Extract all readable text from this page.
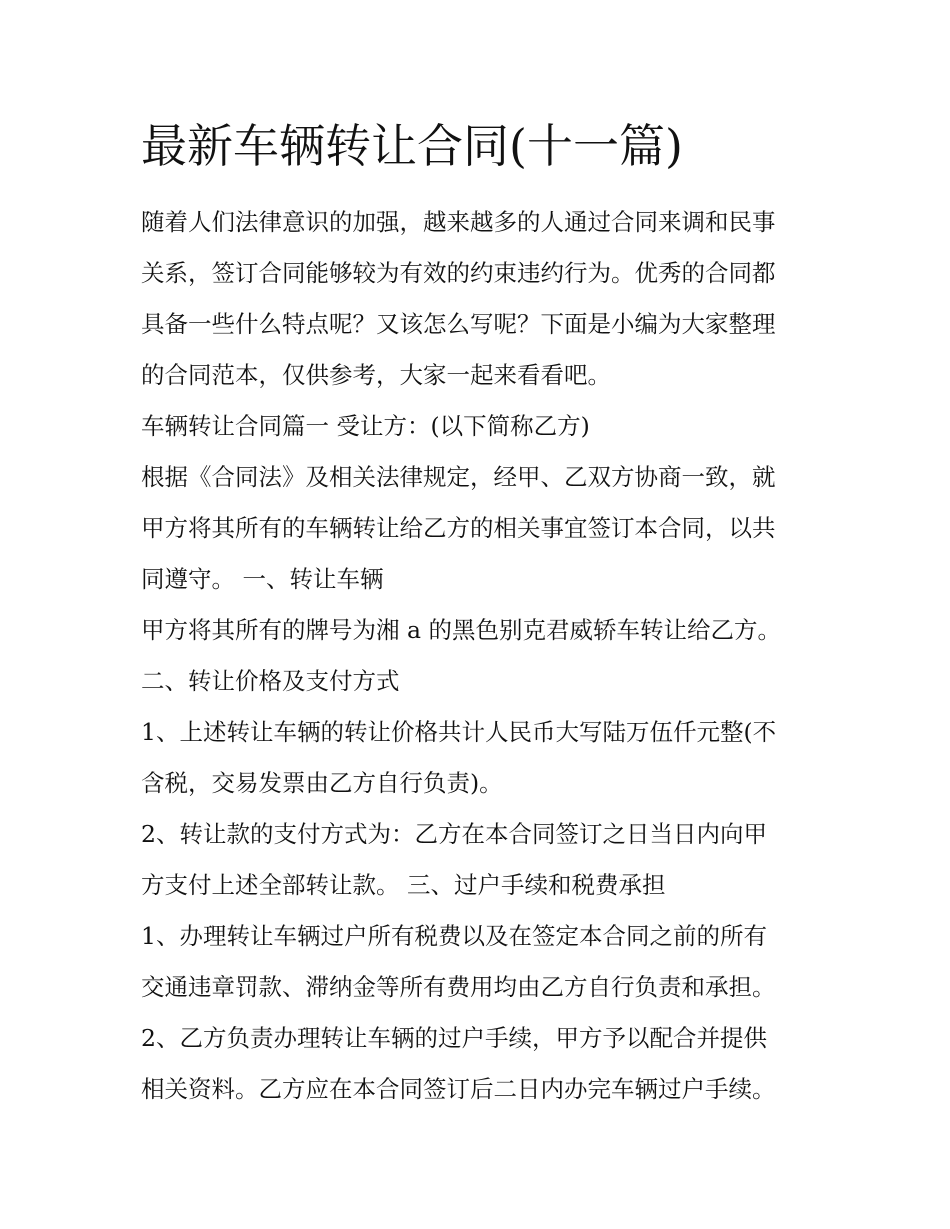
最新车辆转让合同(十一篇)

随着人们法律意识的加强，越来越多的人通过合同来调和民事
关系，签订合同能够较为有效的约束违约行为。优秀的合同都
具备一些什么特点呢？又该怎么写呢？下面是小编为大家整理
的合同范本，仅供参考，大家一起来看看吧。

车辆转让合同篇一 受让方：(以下简称乙方)

根据《合同法》及相关法律规定，经甲、乙双方协商一致，就
甲方将其所有的车辆转让给乙方的相关事宜签订本合同，以共
同遵守。 一、转让车辆

甲方将其所有的牌号为湘 a 的黑色别克君威轿车转让给乙方。

二、转让价格及支付方式

1、上述转让车辆的转让价格共计人民币大写陆万伍仟元整(不
含税，交易发票由乙方自行负责)。

2、转让款的支付方式为：乙方在本合同签订之日当日内向甲
方支付上述全部转让款。 三、过户手续和税费承担

1、办理转让车辆过户所有税费以及在签定本合同之前的所有
交通违章罚款、滞纳金等所有费用均由乙方自行负责和承担。

2、乙方负责办理转让车辆的过户手续，甲方予以配合并提供
相关资料。乙方应在本合同签订后二日内办完车辆过户手续。
